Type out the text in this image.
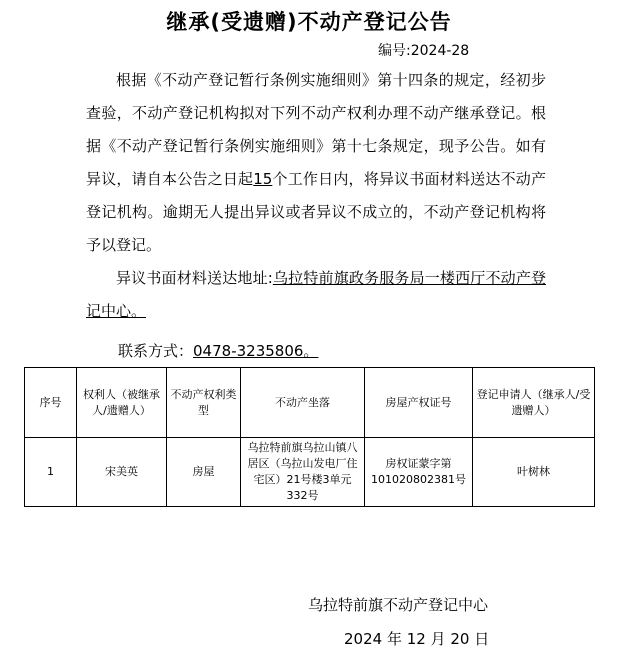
继承(受遗赠)不动产登记公告
编号:2024-28

根据《不动产登记暂行条例实施细则》第十四条的规定，经初步查验，不动产登记机构拟对下列不动产权利办理不动产继承登记。根据《不动产登记暂行条例实施细则》第十七条规定，现予公告。如有异议，请自本公告之日起15个工作日内，将异议书面材料送达不动产登记机构。逾期无人提出异议或者异议不成立的，不动产登记机构将予以登记。

异议书面材料送达地址:乌拉特前旗政务服务局一楼西厅不动产登记中心。

联系方式：0478-3235806。
序号	权利人（被继承人/遗赠人）	不动产权利类型	不动产坐落	房屋产权证号	登记申请人（继承人/受遗赠人）
1	宋美英	房屋	乌拉特前旗乌拉山镇八居区（乌拉山发电厂住宅区）21号楼3单元332号	房权证蒙字第101020802381号	叶树林
乌拉特前旗不动产登记中心
2024 年 12 月 20 日
